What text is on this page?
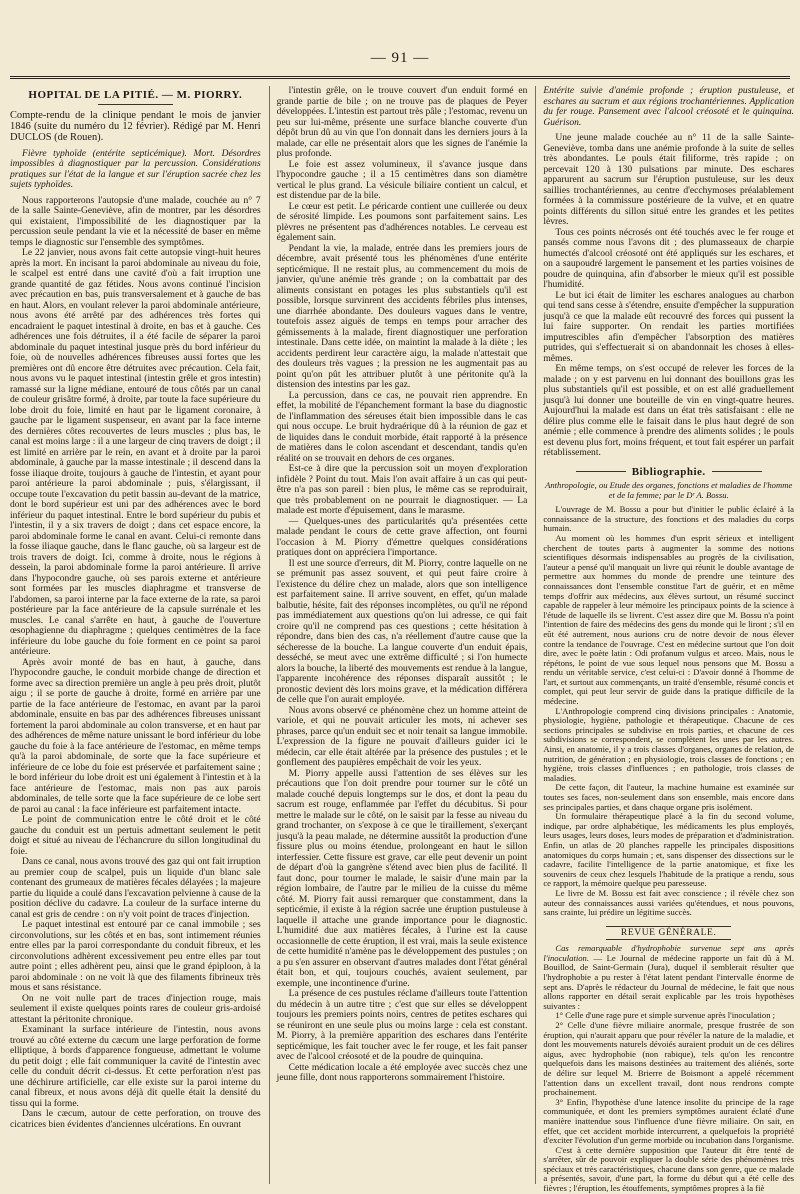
— 91 —
HOPITAL DE LA PITIÉ. — M. PIORRY.

Compte-rendu de la clinique pendant le mois de janvier 1846 (suite du numéro du 12 février). Rédigé par M. Henri DUCLOS (de Rouen).

Fièvre typhoïde (entérite septicémique). Mort. Désordres impossibles à diagnostiquer par la percussion. Considérations pratiques sur l'état de la langue et sur l'éruption sacrée chez les sujets typhoïdes.

Nous rapporterons l'autopsie d'une malade, couchée au n° 7 de la salle Sainte-Geneviève, afin de montrer, par les désordres qui existaient, l'impossibilité de les diagnostiquer par la percussion seule pendant la vie et la nécessité de baser en même temps le diagnostic sur l'ensemble des symptômes.

Le 22 janvier, nous avons fait cette autopsie vingt-huit heures après la mort. En incisant la paroi abdominale au niveau du foie, le scalpel est entré dans une cavité d'où a fait irruption une grande quantité de gaz fétides. Nous avons continué l'incision avec précaution en bas, puis transversalement et à gauche de bas en haut. Alors, en voulant relever la paroi abdominale antérieure, nous avons été arrêté par des adhérences très fortes qui encadraient le paquet intestinal à droite, en bas et à gauche. Ces adhérences une fois détruites, il a été facile de séparer la paroi abdominale du paquet intestinal jusque près du bord inférieur du foie, où de nouvelles adhérences fibreuses aussi fortes que les premières ont dû encore être détruites avec précaution. Cela fait, nous avons vu le paquet intestinal (intestin grêle et gros intestin) ramassé sur la ligne médiane, entouré de tous côtés par un canal de couleur grisâtre formé, à droite, par toute la face supérieure du lobe droit du foie, limité en haut par le ligament coronaire, à gauche par le ligament suspenseur, en avant par la face interne des dernières côtes recouvertes de leurs muscles ; plus bas, le canal est moins large : il a une largeur de cinq travers de doigt ; il est limité en arrière par le rein, en avant et à droite par la paroi abdominale, à gauche par la masse intestinale ; il descend dans la fosse iliaque droite, toujours à gauche de l'intestin, et ayant pour paroi antérieure la paroi abdominale ; puis, s'élargissant, il occupe toute l'excavation du petit bassin au-devant de la matrice, dont le bord supérieur est uni par des adhérences avec le bord inférieur du paquet intestinal. Entre le bord supérieur du pubis et l'intestin, il y a six travers de doigt ; dans cet espace encore, la paroi abdominale forme le canal en avant. Celui-ci remonte dans la fosse iliaque gauche, dans le flanc gauche, où sa largeur est de trois travers de doigt. Ici, comme à droite, nous le régions à dessein, la paroi abdominale forme la paroi antérieure. Il arrive dans l'hypocondre gauche, où ses parois externe et antérieure sont formées par les muscles diaphragme et transverse de l'abdomen, sa paroi interne par la face externe de la rate, sa paroi postérieure par la face antérieure de la capsule surrénale et les muscles. Le canal s'arrête en haut, à gauche de l'ouverture œsophagienne du diaphragme ; quelques centimètres de la face inférieure du lobe gauche du foie forment en ce point sa paroi antérieure.

Après avoir monté de bas en haut, à gauche, dans l'hypocondre gauche, le conduit morbide change de direction et forme avec sa direction première un angle à peu près droit, plutôt aigu ; il se porte de gauche à droite, formé en arrière par une partie de la face antérieure de l'estomac, en avant par la paroi abdominale, ensuite en bas par des adhérences fibreuses unissant fortement la paroi abdominale au colon transverse, et en haut par des adhérences de même nature unissant le bord inférieur du lobe gauche du foie à la face antérieure de l'estomac, en même temps qu'à la paroi abdominale, de sorte que la face supérieure et inférieure de ce lobe du foie est préservée et parfaitement saine ; le bord inférieur du lobe droit est uni également à l'intestin et à la face antérieure de l'estomac, mais non pas aux parois abdominales, de telle sorte que la face supérieure de ce lobe sert de paroi au canal : la face inférieure est parfaitement intacte.

Le point de communication entre le côté droit et le côté gauche du conduit est un pertuis admettant seulement le petit doigt et situé au niveau de l'échancrure du sillon longitudinal du foie.

Dans ce canal, nous avons trouvé des gaz qui ont fait irruption au premier coup de scalpel, puis un liquide d'un blanc sale contenant des grumeaux de matières fécales délayées ; la majeure partie du liquide a coulé dans l'excavation pelvienne à cause de la position déclive du cadavre. La couleur de la surface interne du canal est gris de cendre : on n'y voit point de traces d'injection.

Le paquet intestinal est entouré par ce canal immobile ; ses circonvolutions, sur les côtés et en bas, sont intimement réunies entre elles par la paroi correspondante du conduit fibreux, et les circonvolutions adhèrent excessivement peu entre elles par tout autre point ; elles adhèrent peu, ainsi que le grand épiploon, à la paroi abdominale : on ne voit là que des filaments fibrineux très mous et sans résistance.

On ne voit nulle part de traces d'injection rouge, mais seulement il existe quelques points rares de couleur gris-ardoisé attestant la péritonite chronique.

Examinant la surface intérieure de l'intestin, nous avons trouvé au côté externe du cæcum une large perforation de forme elliptique, à bords d'apparence fongueuse, admettant le volume du petit doigt ; elle fait communiquer la cavité de l'intestin avec celle du conduit décrit ci-dessus. Et cette perforation n'est pas une déchirure artificielle, car elle existe sur la paroi interne du canal fibreux, et nous avons déjà dit quelle était la densité du tissu qui la forme.

Dans le cæcum, autour de cette perforation, on trouve des cicatrices bien évidentes d'anciennes ulcérations. En ouvrant

l'intestin grêle, on le trouve couvert d'un enduit formé en grande partie de bile ; on ne trouve pas de plaques de Peyer développées. L'intestin est partout très pâle ; l'estomac, revenu un peu sur lui-même, présente une surface blanche couverte d'un dépôt brun dû au vin que l'on donnait dans les derniers jours à la malade, car elle ne présentait alors que les signes de l'anémie la plus profonde.

Le foie est assez volumineux, il s'avance jusque dans l'hypocondre gauche ; il a 15 centimètres dans son diamètre vertical le plus grand. La vésicule biliaire contient un calcul, et est distendue par de la bile.

Le cœur est petit. Le péricarde contient une cuillerée ou deux de sérosité limpide. Les poumons sont parfaitement sains. Les plèvres ne présentent pas d'adhérences notables. Le cerveau est également sain.

Pendant la vie, la malade, entrée dans les premiers jours de décembre, avait présenté tous les phénomènes d'une entérite septicémique. Il ne restait plus, au commencement du mois de janvier, qu'une anémie très grande ; on la combattait par des aliments consistant en potages les plus substantiels qu'il est possible, lorsque survinrent des accidents fébriles plus intenses, une diarrhée abondante. Des douleurs vagues dans le ventre, toutefois assez aiguës de temps en temps pour arracher des gémissements à la malade, firent diagnostiquer une perforation intestinale. Dans cette idée, on maintint la malade à la diète ; les accidents perdirent leur caractère aigu, la malade n'attestait que des douleurs très vagues ; la pression ne les augmentait pas au point qu'on pût les attribuer plutôt à une péritonite qu'à la distension des intestins par les gaz.

La percussion, dans ce cas, ne pouvait rien apprendre. En effet, la mobilité de l'épanchement formant la base du diagnostic de l'inflammation des séreuses était bien impossible dans le cas qui nous occupe. Le bruit hydraérique dû à la réunion de gaz et de liquides dans le conduit morbide, était rapporté à la présence de matières dans le colon ascendant et descendant, tandis qu'en réalité on se trouvait en dehors de ces organes.

Est-ce à dire que la percussion soit un moyen d'exploration infidèle ? Point du tout. Mais l'on avait affaire à un cas qui peut-être n'a pas son pareil : bien plus, le même cas se reproduirait, que très probablement on ne pourrait le diagnostiquer. — La malade est morte d'épuisement, dans le marasme.

— Quelques-unes des particularités qu'a présentées cette malade pendant le cours de cette grave affection, ont fourni l'occasion à M. Piorry d'émettre quelques considérations pratiques dont on appréciera l'importance.

Il est une source d'erreurs, dit M. Piorry, contre laquelle on ne se prémunit pas assez souvent, et qui peut faire croire à l'existence du délire chez un malade, alors que son intelligence est parfaitement saine. Il arrive souvent, en effet, qu'un malade balbutie, hésite, fait des réponses incomplètes, ou qu'il ne répond pas immédiatement aux questions qu'on lui adresse, ce qui fait croire qu'il ne comprend pas ces questions ; cette hésitation à répondre, dans bien des cas, n'a réellement d'autre cause que la sécheresse de la bouche. La langue couverte d'un enduit épais, desséché, se meut avec une extrême difficulté ; si l'on humecte alors la bouche, la liberté des mouvements est rendue à la langue, l'apparente incohérence des réponses disparaît aussitôt ; le pronostic devient dès lors moins grave, et la médication différera de celle que l'on aurait employée.

Nous avons observé ce phénomène chez un homme atteint de variole, et qui ne pouvait articuler les mots, ni achever ses phrases, parce qu'un enduit sec et noir tenait sa langue immobile. L'expression de la figure ne pouvait d'ailleurs guider ici le médecin, car elle était altérée par la présence des pustules ; et le gonflement des paupières empêchait de voir les yeux.

M. Piorry appelle aussi l'attention de ses élèves sur les précautions que l'on doit prendre pour tourner sur le côté un malade couché depuis longtemps sur le dos, et dont la peau du sacrum est rouge, enflammée par l'effet du décubitus. Si pour mettre le malade sur le côté, on le saisit par la fesse au niveau du grand trochanter, on s'expose à ce que le tiraillement, s'exerçant jusqu'à la peau malade, ne détermine aussitôt la production d'une fissure plus ou moins étendue, prolongeant en haut le sillon interfessier. Cette fissure est grave, car elle peut devenir un point de départ d'où la gangrène s'étend avec bien plus de facilité. Il faut donc, pour tourner le malade, le saisir d'une main par la région lombaire, de l'autre par le milieu de la cuisse du même côté. M. Piorry fait aussi remarquer que constamment, dans la septicémie, il existe à la région sacrée une éruption pustuleuse à laquelle il attache une grande importance pour le diagnostic. L'humidité due aux matières fécales, à l'urine est la cause occasionnelle de cette éruption, il est vrai, mais la seule existence de cette humidité n'amène pas le développement des pustules ; on a pu s'en assurer en observant d'autres malades dont l'état général était bon, et qui, toujours couchés, avaient seulement, par exemple, une incontinence d'urine.

La présence de ces pustules réclame d'ailleurs toute l'attention du médecin à un autre titre ; c'est que sur elles se développent toujours les premiers points noirs, centres de petites eschares qui se réuniront en une seule plus ou moins large : cela est constant. M. Piorry, à la première apparition des eschares dans l'entérite septicémique, les fait toucher avec le fer rouge, et les fait panser avec de l'alcool créosoté et de la poudre de quinquina.

Cette médication locale a été employée avec succès chez une jeune fille, dont nous rapporterons sommairement l'histoire.

Entérite suivie d'anémie profonde ; éruption pustuleuse, et eschares au sacrum et aux régions trochantériennes. Application du fer rouge. Pansement avec l'alcool créosoté et le quinquina. Guérison.

Une jeune malade couchée au n° 11 de la salle Sainte-Geneviève, tomba dans une anémie profonde à la suite de selles très abondantes. Le pouls était filiforme, très rapide ; on percevait 120 à 130 pulsations par minute. Des eschares apparurent au sacrum sur l'éruption pustuleuse, sur les deux saillies trochantériennes, au centre d'ecchymoses préalablement formées à la commissure postérieure de la vulve, et en quatre points différents du sillon situé entre les grandes et les petites lèvres.

Tous ces points nécrosés ont été touchés avec le fer rouge et pansés comme nous l'avons dit ; des plumasseaux de charpie humectés d'alcool créosoté ont été appliqués sur les eschares, et on a saupoudré largement le pansement et les parties voisines de poudre de quinquina, afin d'absorber le mieux qu'il est possible l'humidité.

Le but ici était de limiter les eschares analogues au charbon qui tend sans cesse à s'étendre, ensuite d'empêcher la suppuration jusqu'à ce que la malade eût recouvré des forces qui pussent la lui faire supporter. On rendait les parties mortifiées imputrescibles afin d'empêcher l'absorption des matières putrides, qui s'effectuerait si on abandonnait les choses à elles-mêmes.

En même temps, on s'est occupé de relever les forces de la malade ; on y est parvenu en lui donnant des bouillons gras les plus substantiels qu'il est possible, et on est allé graduellement jusqu'à lui donner une bouteille de vin en vingt-quatre heures. Aujourd'hui la malade est dans un état très satisfaisant : elle ne délire plus comme elle le faisait dans le plus haut degré de son anémie ; elle commence à prendre des aliments solides ; le pouls est devenu plus fort, moins fréquent, et tout fait espérer un parfait rétablissement.

Bibliographie.

Anthropologie, ou Etude des organes, fonctions et maladies de l'homme et de la femme; par le Dʳ A. Bossu.

L'ouvrage de M. Bossu a pour but d'initier le public éclairé à la connaissance de la structure, des fonctions et des maladies du corps humain.

Au moment où les hommes d'un esprit sérieux et intelligent cherchent de toutes parts à augmenter la somme des notions scientifiques désormais indispensables au progrès de la civilisation, l'auteur a pensé qu'il manquait un livre qui réunit le double avantage de permettre aux hommes du monde de prendre une teinture des connaissances dont l'ensemble constitue l'art de guérir, et en même temps d'offrir aux médecins, aux élèves surtout, un résumé succinct capable de rappeler à leur mémoire les principaux points de la science à l'étude de laquelle ils se livrent. C'est assez dire que M. Bossu n'a point l'intention de faire des médecins des gens du monde qui le liront ; s'il en eût été autrement, nous aurions cru de notre devoir de nous élever contre la tendance de l'ouvrage. C'est en médecine surtout que l'on doit dire, avec le poète latin : Odi profanum vulgus et arceo. Mais, nous le répétons, le point de vue sous lequel nous pensons que M. Bossu a rendu un véritable service, c'est celui-ci : D'avoir donné à l'homme de l'art, et surtout aux commençants, un traité d'ensemble, résumé concis et complet, qui peut leur servir de guide dans la pratique difficile de la médecine.

L'Anthropologie comprend cinq divisions principales : Anatomie, physiologie, hygiène, pathologie et thérapeutique. Chacune de ces sections principales se subdivise en trois parties, et chacune de ces subdivisions se correspondent, se complètent les unes par les autres. Ainsi, en anatomie, il y a trois classes d'organes, organes de relation, de nutrition, de génération ; en physiologie, trois classes de fonctions ; en hygiène, trois classes d'influences ; en pathologie, trois classes de maladies.

De cette façon, dit l'auteur, la machine humaine est examinée sur toutes ses faces, non-seulement dans son ensemble, mais encore dans ses principales parties, et dans chaque organe pris isolément.

Un formulaire thérapeutique placé à la fin du second volume, indique, par ordre alphabétique, les médicaments les plus employés, leurs usages, leurs doses, leurs modes de préparation et d'administration. Enfin, un atlas de 20 planches rappelle les principales dispositions anatomiques du corps humain ; et, sans dispenser des dissections sur le cadavre, facilite l'intelligence de la partie anatomique, et fixe les souvenirs de ceux chez lesquels l'habitude de la pratique a rendu, sous ce rapport, la mémoire quelque peu paresseuse.

Le livre de M. Bossu est fait avec conscience ; il révèle chez son auteur des connaissances aussi variées qu'étendues, et nous pouvons, sans crainte, lui prédire un légitime succès.

REVUE GÉNÉRALE.

Cas remarquable d'hydrophobie survenue sept ans après l'inoculation. — Le Journal de médecine rapporte un fait dû à M. Bouillod, de Saint-Germain (Jura), duquel il semblerait résulter que l'hydrophobie a pu rester à l'état latent pendant l'intervalle énorme de sept ans. D'après le rédacteur du Journal de médecine, le fait que nous allons rapporter en détail serait explicable par les trois hypothèses suivantes :

1° Celle d'une rage pure et simple survenue après l'inoculation ;

2° Celle d'une fièvre miliaire anormale, presque frustrée de son éruption, qui n'aurait apparu que pour révéler la nature de la maladie, et dont les mouvements naturels dévoiés auraient produit un de ces délires aigus, avec hydrophobie (non rabique), tels qu'on les rencontre quelquefois dans les maisons destinées au traitement des aliénés, sorte de délire sur lequel M. Brierre de Boismont a appelé récemment l'attention dans un excellent travail, dont nous rendrons compte prochainement.

3° Enfin, l'hypothèse d'une latence insolite du principe de la rage communiquée, et dont les premiers symptômes auraient éclaté d'une manière inattendue sous l'influence d'une fièvre miliaire. On sait, en effet, que cet accident morbide intercurrent, a quelquefois la propriété d'exciter l'évolution d'un germe morbide ou incubation dans l'organisme.

C'est à cette dernière supposition que l'auteur dit être tenté de s'arrêter, sûr de pouvoir expliquer la double série des phénomènes très spéciaux et très caractéristiques, chacune dans son genre, que ce malade a présentés, savoir, d'une part, la forme du début qui a été celle des fièvres ; l'éruption, les étouffements, symptômes propres à la fiè
